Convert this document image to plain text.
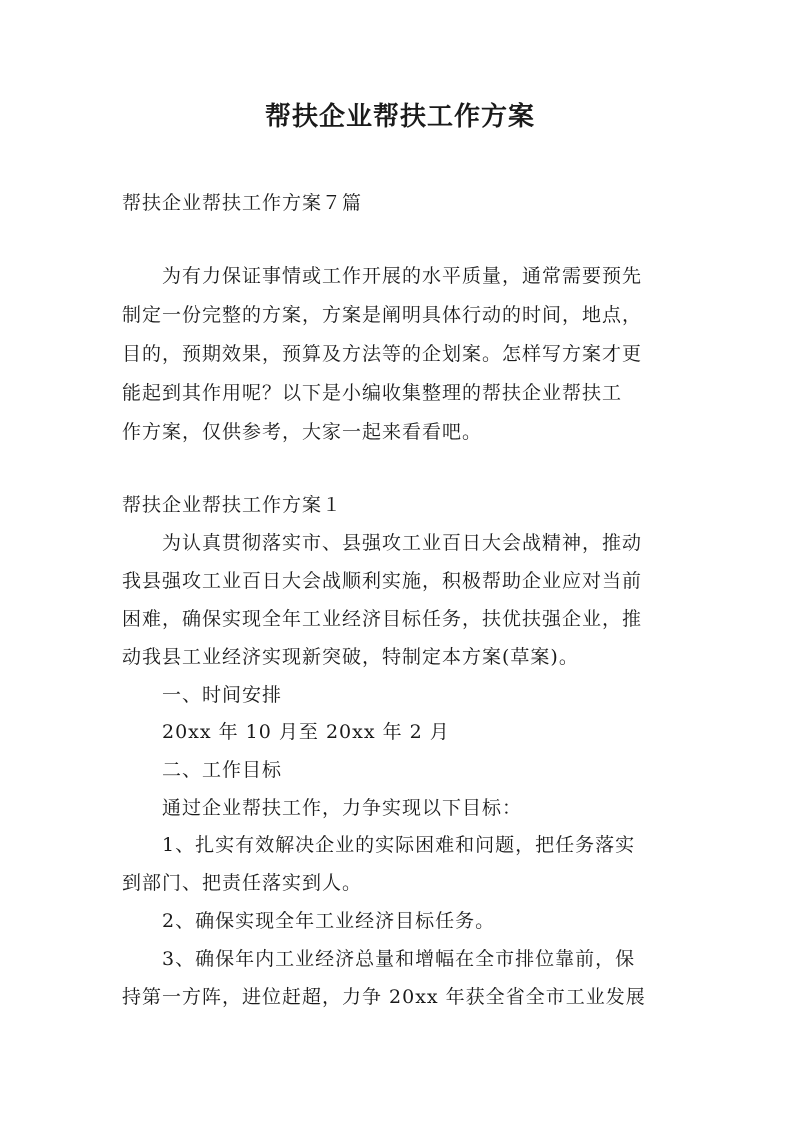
帮扶企业帮扶工作方案
帮扶企业帮扶工作方案７篇
为有力保证事情或工作开展的水平质量，通常需要预先
制定一份完整的方案，方案是阐明具体行动的时间，地点，
目的，预期效果，预算及方法等的企划案。怎样写方案才更
能起到其作用呢？以下是小编收集整理的帮扶企业帮扶工
作方案，仅供参考，大家一起来看看吧。
帮扶企业帮扶工作方案１
为认真贯彻落实市、县强攻工业百日大会战精神，推动
我县强攻工业百日大会战顺利实施，积极帮助企业应对当前
困难，确保实现全年工业经济目标任务，扶优扶强企业，推
动我县工业经济实现新突破，特制定本方案(草案)。
一、时间安排
20xx 年 10 月至 20xx 年 2 月
二、工作目标
通过企业帮扶工作，力争实现以下目标：
1、扎实有效解决企业的实际困难和问题，把任务落实
到部门、把责任落实到人。
2、确保实现全年工业经济目标任务。
3、确保年内工业经济总量和增幅在全市排位靠前，保
持第一方阵，进位赶超，力争 20xx 年获全省全市工业发展
